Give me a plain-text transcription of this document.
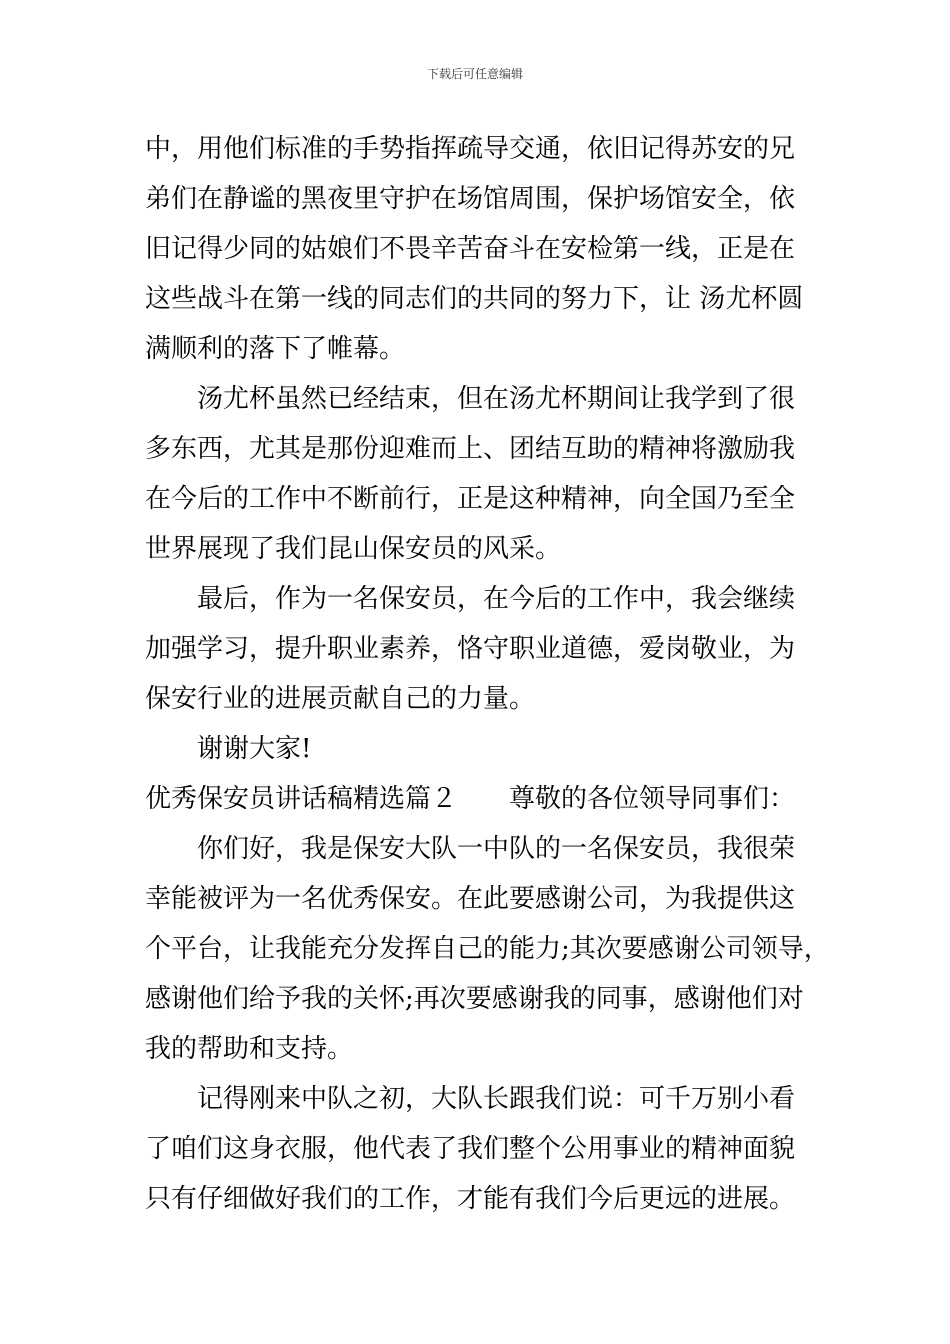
下载后可任意编辑
中，用他们标准的手势指挥疏导交通，依旧记得苏安的兄
弟们在静谧的黑夜里守护在场馆周围，保护场馆安全，依
旧记得少同的姑娘们不畏辛苦奋斗在安检第一线，正是在
这些战斗在第一线的同志们的共同的努力下，让 汤尤杯圆
满顺利的落下了帷幕。
汤尤杯虽然已经结束，但在汤尤杯期间让我学到了很
多东西，尤其是那份迎难而上、团结互助的精神将激励我
在今后的工作中不断前行，正是这种精神，向全国乃至全
世界展现了我们昆山保安员的风采。
最后，作为一名保安员，在今后的工作中，我会继续
加强学习，提升职业素养，恪守职业道德，爱岗敬业，为
保安行业的进展贡献自己的力量。
谢谢大家!
优秀保安员讲话稿精选篇２ 尊敬的各位领导同事们：
你们好，我是保安大队一中队的一名保安员，我很荣
幸能被评为一名优秀保安。在此要感谢公司，为我提供这
个平台，让我能充分发挥自己的能力;其次要感谢公司领导，
感谢他们给予我的关怀;再次要感谢我的同事，感谢他们对
我的帮助和支持。
记得刚来中队之初，大队长跟我们说：可千万别小看
了咱们这身衣服，他代表了我们整个公用事业的精神面貌
只有仔细做好我们的工作，才能有我们今后更远的进展。
